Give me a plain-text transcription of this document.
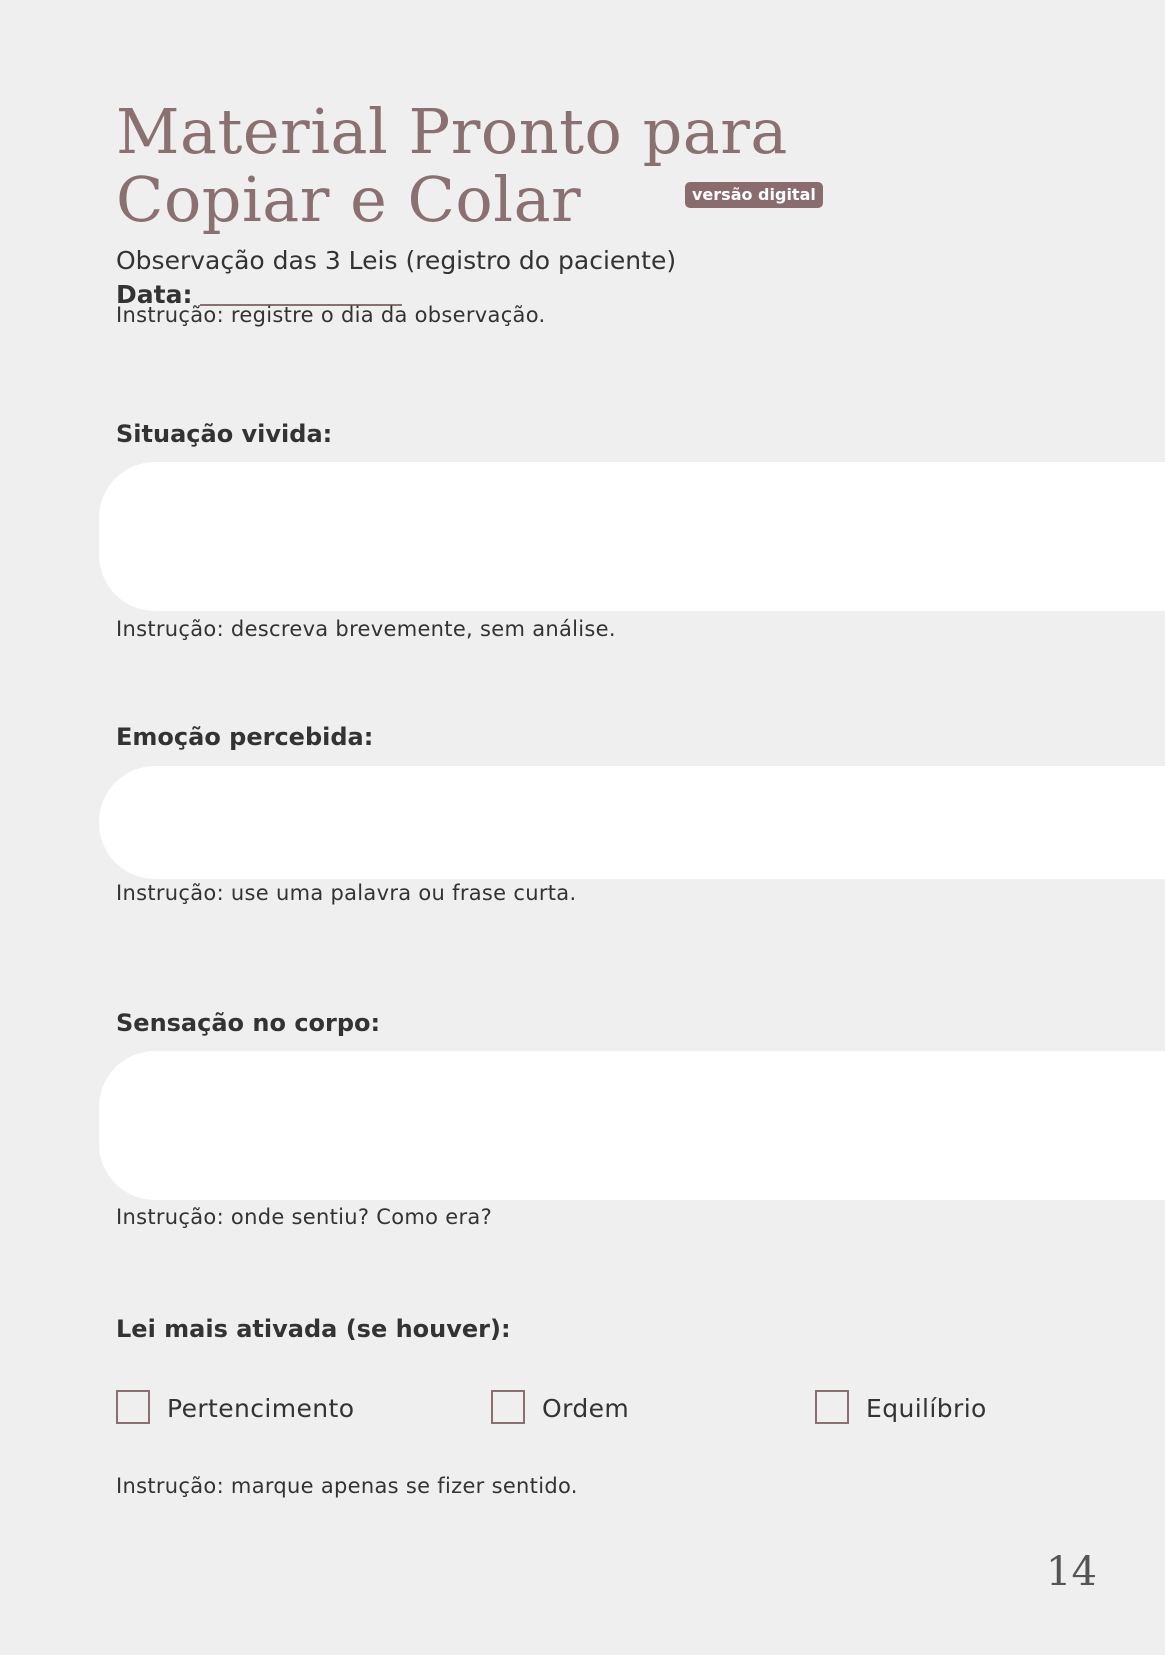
Material Pronto para
Copiar e Colar	versão digital
Observação das 3 Leis (registro do paciente)
Data:
Instrução: registre o dia da observação.
Situação vivida:
Instrução: descreva brevemente, sem análise.
Emoção percebida:
Instrução: use uma palavra ou frase curta.
Sensação no corpo:
Instrução: onde sentiu? Como era?
Lei mais ativada (se houver):
Pertencimento	Ordem	Equilíbrio
Instrução: marque apenas se fizer sentido.
14
